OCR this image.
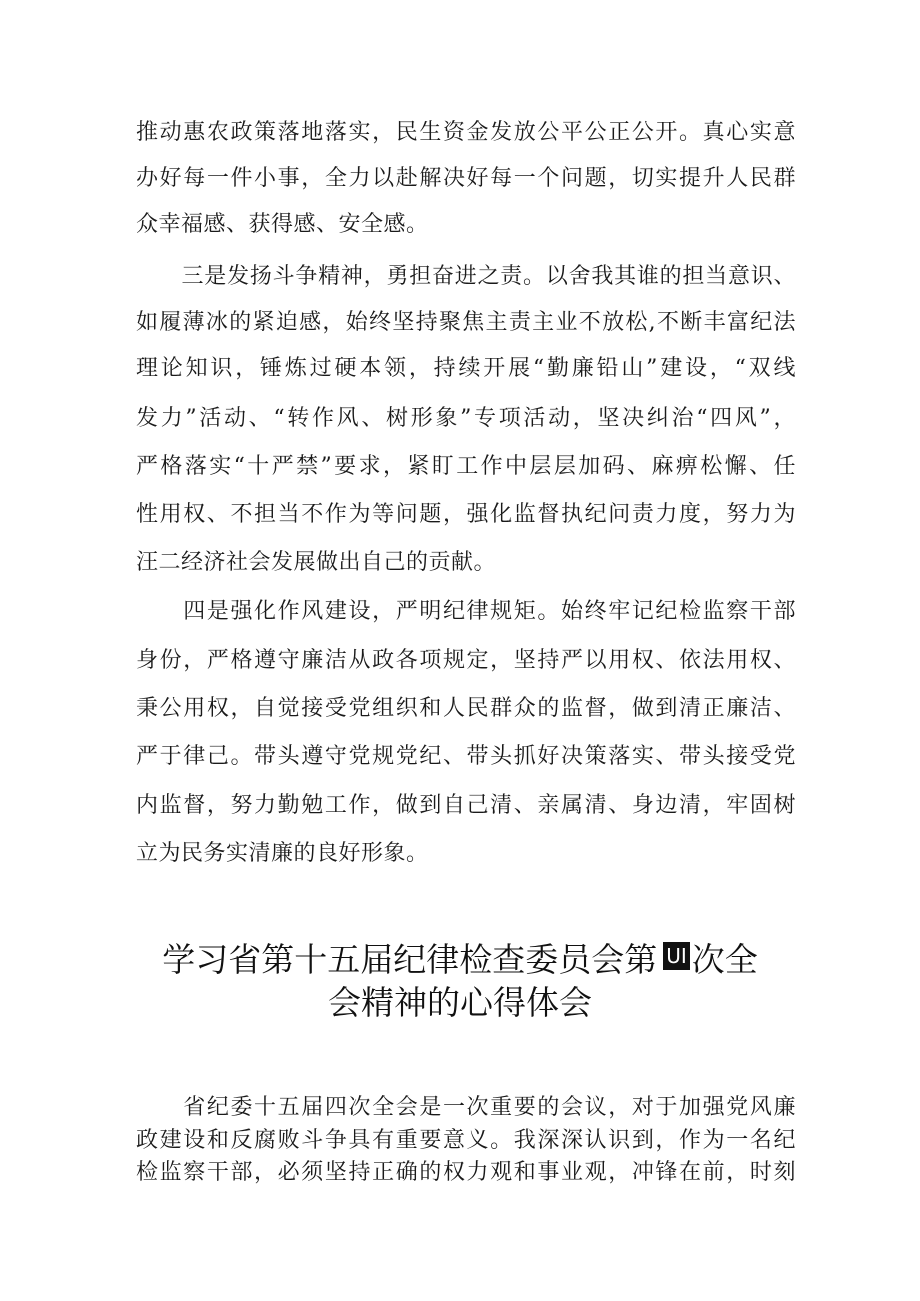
推动惠农政策落地落实，民生资金发放公平公正公开。真心实意
办好每一件小事，全力以赴解决好每一个问题，切实提升人民群
众幸福感、获得感、安全感。
　　三是发扬斗争精神，勇担奋进之责。以舍我其谁的担当意识、
如履薄冰的紧迫感，始终坚持聚焦主责主业不放松,不断丰富纪法
理论知识，锤炼过硬本领，持续开展“勤廉铅山”建设，“双线
发力”活动、“转作风、树形象”专项活动，坚决纠治“四风”，
严格落实“十严禁”要求，紧盯工作中层层加码、麻痹松懈、任
性用权、不担当不作为等问题，强化监督执纪问责力度，努力为
汪二经济社会发展做出自己的贡献。
　　四是强化作风建设，严明纪律规矩。始终牢记纪检监察干部
身份，严格遵守廉洁从政各项规定，坚持严以用权、依法用权、
秉公用权，自觉接受党组织和人民群众的监督，做到清正廉洁、
严于律己。带头遵守党规党纪、带头抓好决策落实、带头接受党
内监督，努力勤勉工作，做到自己清、亲属清、身边清，牢固树
立为民务实清廉的良好形象。
学习省第十五届纪律检查委员会第 UI 次全
会精神的心得体会
　　省纪委十五届四次全会是一次重要的会议，对于加强党风廉
政建设和反腐败斗争具有重要意义。我深深认识到，作为一名纪
检监察干部，必须坚持正确的权力观和事业观，冲锋在前，时刻
